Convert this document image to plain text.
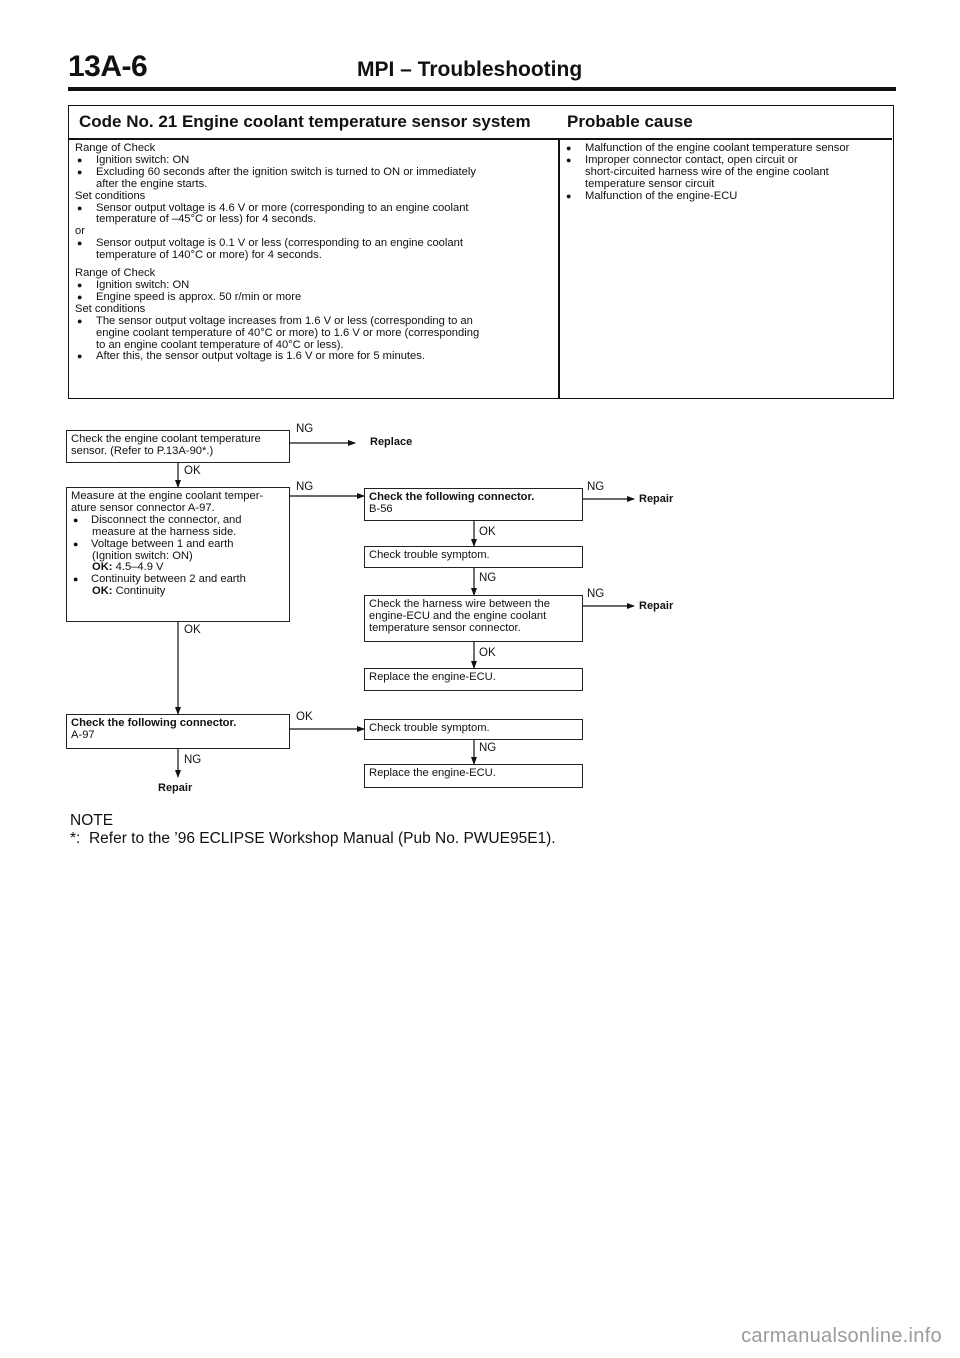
13A-6	MPI – Troubleshooting
Code No. 21 Engine coolant temperature sensor system Probable cause
Range of Check
● Ignition switch: ON
● Excluding 60 seconds after the ignition switch is turned to ON or immediately
after the engine starts.
Set conditions
● Sensor output voltage is 4.6 V or more (corresponding to an engine coolant
temperature of –45°C or less) for 4 seconds.
or
● Sensor output voltage is 0.1 V or less (corresponding to an engine coolant
temperature of 140°C or more) for 4 seconds.
Range of Check
● Ignition switch: ON
● Engine speed is approx. 50 r/min or more
Set conditions
● The sensor output voltage increases from 1.6 V or less (corresponding to an
engine coolant temperature of 40°C or more) to 1.6 V or more (corresponding
to an engine coolant temperature of 40°C or less).
● After this, the sensor output voltage is 1.6 V or more for 5 minutes.
● Malfunction of the engine coolant temperature sensor
● Improper connector contact, open circuit or
short-circuited harness wire of the engine coolant
temperature sensor circuit
● Malfunction of the engine-ECU
Check the engine coolant temperature
sensor. (Refer to P.13A-90*.)
Measure at the engine coolant temper-
ature sensor connector A-97.
● Disconnect the connector, and
measure at the harness side.
● Voltage between 1 and earth
(Ignition switch: ON)
OK: 4.5–4.9 V
● Continuity between 2 and earth
OK: Continuity
Check the following connector.
B-56
Check trouble symptom.
Check the harness wire between the
engine-ECU and the engine coolant
temperature sensor connector.
Replace the engine-ECU.
Check the following connector.
A-97
Check trouble symptom.
Replace the engine-ECU.
NG
OK
NG	NG
OK
NG
NG
OK
OK
OK
NG
NG
Replace
Repair
Repair
Repair
NOTE
*: Refer to the ’96 ECLIPSE Workshop Manual (Pub No. PWUE95E1).
carmanualsonline.info
